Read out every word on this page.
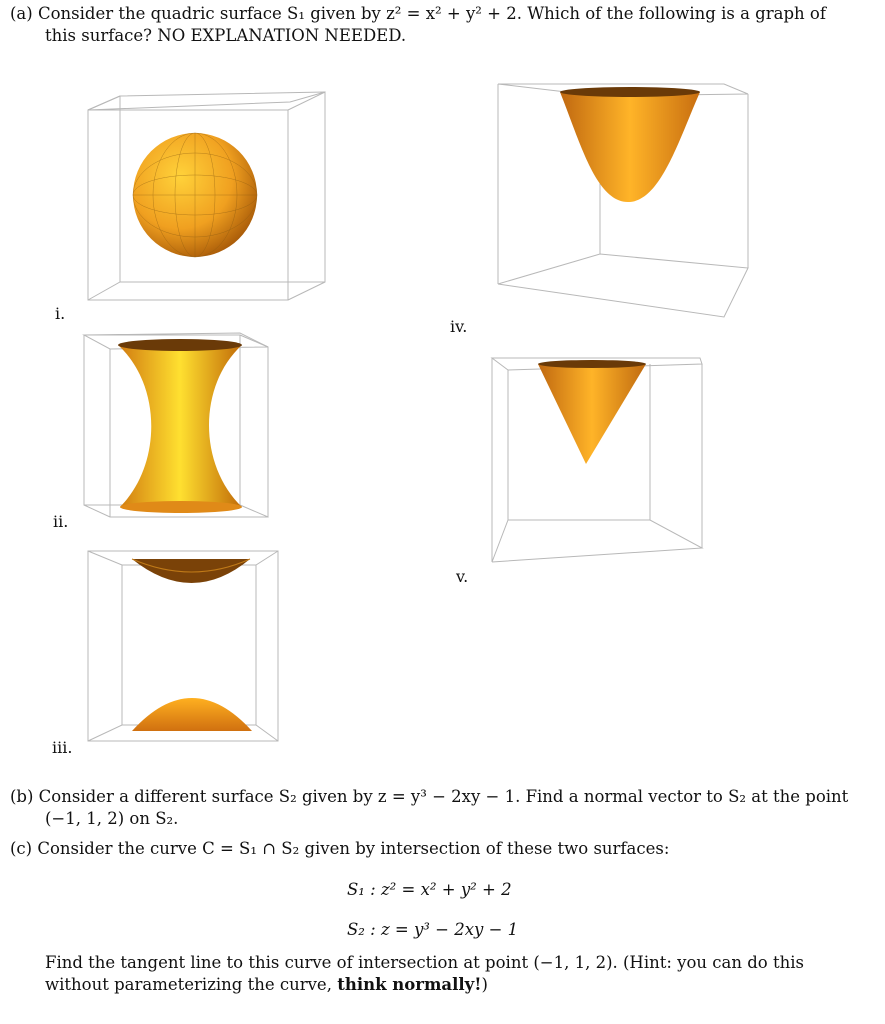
(a) Consider the quadric surface S₁ given by z² = x² + y² + 2. Which of the following is a graph of
this surface? NO EXPLANATION NEEDED.
i.
ii.
iii.
iv.
v.
(b) Consider a different surface S₂ given by z = y³ − 2xy − 1. Find a normal vector to S₂ at the point
(−1, 1, 2) on S₂.
(c) Consider the curve C = S₁ ∩ S₂ given by intersection of these two surfaces:
S₁ : z² = x² + y² + 2
S₂ : z = y³ − 2xy − 1
Find the tangent line to this curve of intersection at point (−1, 1, 2). (Hint: you can do this
without parameterizing the curve, think normally!)
